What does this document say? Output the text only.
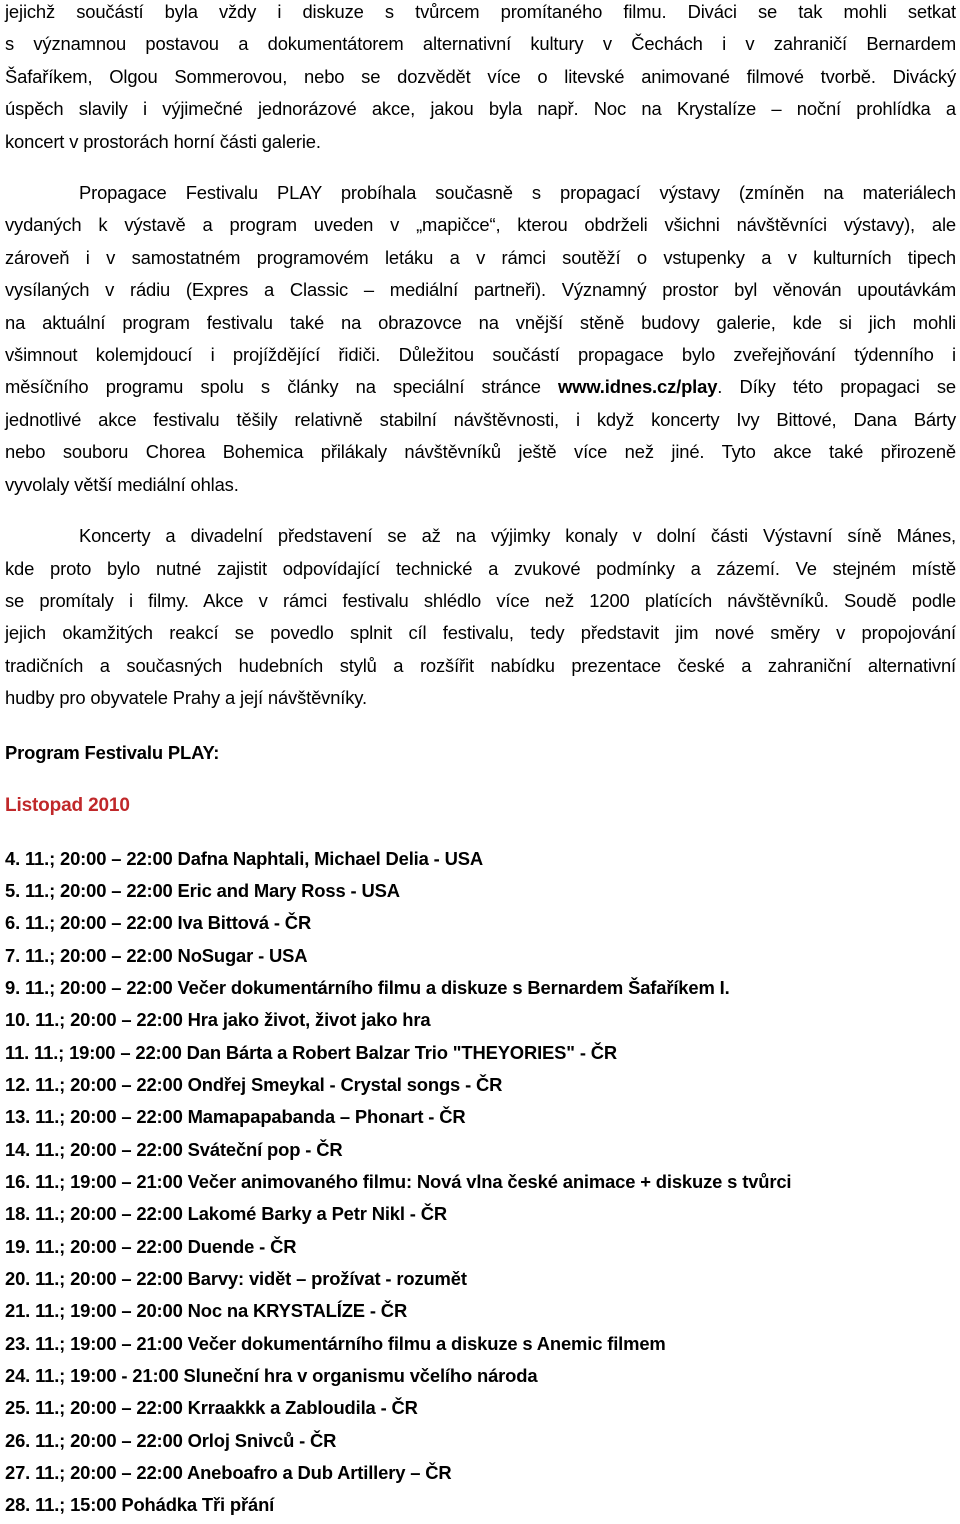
jejichž součástí byla vždy i diskuze s tvůrcem promítaného filmu. Diváci se tak mohli setkat
s významnou postavou a dokumentátorem alternativní kultury v Čechách i v zahraničí Bernardem
Šafaříkem, Olgou Sommerovou, nebo se dozvědět více o litevské animované filmové tvorbě. Divácký
úspěch slavily i výjimečné jednorázové akce, jakou byla např. Noc na Krystalíze – noční prohlídka a
koncert v prostorách horní části galerie.

Propagace Festivalu PLAY probíhala současně s propagací výstavy (zmíněn na materiálech
vydaných k výstavě a program uveden v „mapičce“, kterou obdrželi všichni návštěvníci výstavy), ale
zároveň i v samostatném programovém letáku a v rámci soutěží o vstupenky a v kulturních tipech
vysílaných v rádiu (Expres a Classic – mediální partneři). Významný prostor byl věnován upoutávkám
na aktuální program festivalu také na obrazovce na vnější stěně budovy galerie, kde si jich mohli
všimnout kolemjdoucí i projíždějící řidiči. Důležitou součástí propagace bylo zveřejňování týdenního i
měsíčního programu spolu s články na speciální stránce www.idnes.cz/play. Díky této propagaci se
jednotlivé akce festivalu těšily relativně stabilní návštěvnosti, i když koncerty Ivy Bittové, Dana Bárty
nebo souboru Chorea Bohemica přilákaly návštěvníků ještě více než jiné. Tyto akce také přirozeně
vyvolaly větší mediální ohlas.

Koncerty a divadelní představení se až na výjimky konaly v dolní části Výstavní síně Mánes,
kde proto bylo nutné zajistit odpovídající technické a zvukové podmínky a zázemí. Ve stejném místě
se promítaly i filmy. Akce v rámci festivalu shlédlo více než 1200 platících návštěvníků. Soudě podle
jejich okamžitých reakcí se povedlo splnit cíl festivalu, tedy představit jim nové směry v propojování
tradičních a současných hudebních stylů a rozšířit nabídku prezentace české a zahraniční alternativní
hudby pro obyvatele Prahy a její návštěvníky.

Program Festivalu PLAY:

Listopad 2010

4. 11.; 20:00 – 22:00 Dafna Naphtali, Michael Delia - USA
5. 11.; 20:00 – 22:00 Eric and Mary Ross - USA
6. 11.; 20:00 – 22:00 Iva Bittová - ČR
7. 11.; 20:00 – 22:00 NoSugar - USA
9. 11.; 20:00 – 22:00 Večer dokumentárního filmu a diskuze s Bernardem Šafaříkem I.
10. 11.; 20:00 – 22:00 Hra jako život, život jako hra
11. 11.; 19:00 – 22:00 Dan Bárta a Robert Balzar Trio "THEYORIES" - ČR
12. 11.; 20:00 – 22:00 Ondřej Smeykal - Crystal songs - ČR
13. 11.; 20:00 – 22:00 Mamapapabanda – Phonart - ČR
14. 11.; 20:00 – 22:00 Sváteční pop - ČR
16. 11.; 19:00 – 21:00 Večer animovaného filmu: Nová vlna české animace + diskuze s tvůrci
18. 11.; 20:00 – 22:00 Lakomé Barky a Petr Nikl - ČR
19. 11.; 20:00 – 22:00 Duende - ČR
20. 11.; 20:00 – 22:00 Barvy: vidět – prožívat - rozumět
21. 11.; 19:00 – 20:00 Noc na KRYSTALÍZE - ČR
23. 11.; 19:00 – 21:00 Večer dokumentárního filmu a diskuze s Anemic filmem
24. 11.; 19:00 - 21:00 Sluneční hra v organismu včelího národa
25. 11.; 20:00 – 22:00 Krraakkk a Zabloudila - ČR
26. 11.; 20:00 – 22:00 Orloj Snivců - ČR
27. 11.; 20:00 – 22:00 Aneboafro a Dub Artillery – ČR
28. 11.; 15:00 Pohádka Tři přání
